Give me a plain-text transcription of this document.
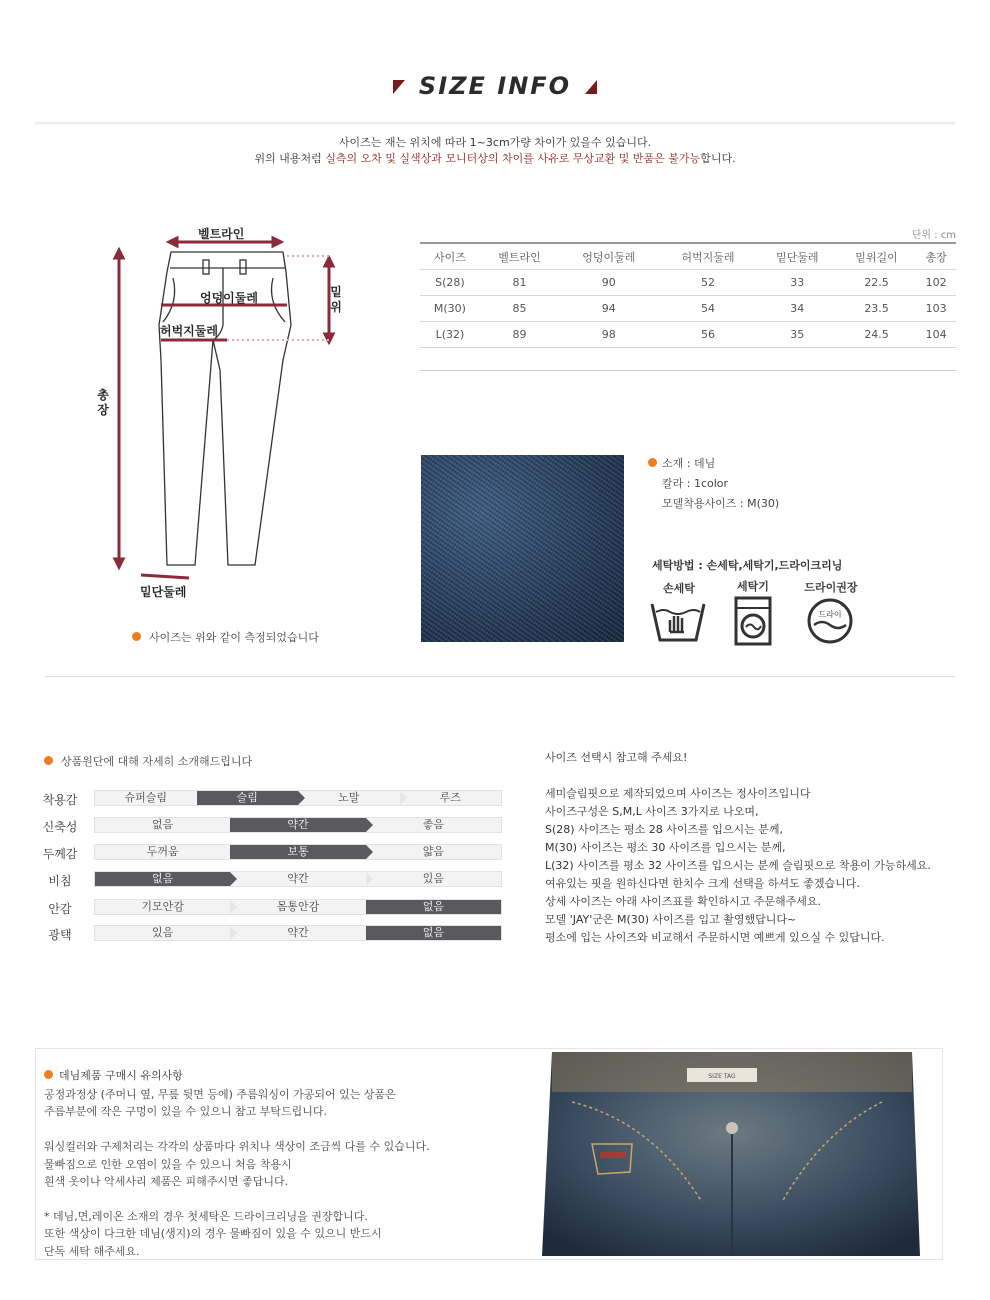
SIZE INFO
사이즈는 재는 위치에 따라 1~3cm가량 차이가 있을수 있습니다.
위의 내용처럼 실측의 오차 및 실색상과 모니터상의 차이를 사유로 무상교환 및 반품은 불가능합니다.
벨트라인
엉덩이둘레
허벅지둘레
밑위
총장
밑단둘레
사이즈는 위와 같이 측정되었습니다
단위 : cm
사이즈	벨트라인	엉덩이둘레	허벅지둘레	밑단둘레	밑위길이	총장
S(28)	81	90	52	33	22.5	102
M(30)	85	94	54	34	23.5	103
L(32)	89	98	56	35	24.5	104
소재 : 데님
칼라 : 1color
모델착용사이즈 : M(30)
세탁방법 : 손세탁,세탁기,드라이크리닝
손세탁	세탁기	드라이권장
드라이
상품원단에 대해 자세히 소개해드립니다
착용감	슈퍼슬림	슬림	노말	루즈
신축성	없음	약간	좋음
두께감	두꺼움	보통	얇음
비침	없음	약간	있음
안감	기모안감	몸통안감	없음
광택	있음	약간	없음
사이즈 선택시 참고해 주세요!
세미슬림핏으로 제작되었으며 사이즈는 정사이즈입니다
사이즈구성은 S,M,L 사이즈 3가지로 나오며,
S(28) 사이즈는 평소 28 사이즈를 입으시는 분께,
M(30) 사이즈는 평소 30 사이즈를 입으시는 분께,
L(32) 사이즈를 평소 32 사이즈를 입으시는 분께 슬림핏으로 착용이 가능하세요.
여유있는 핏을 원하신다면 한치수 크게 선택을 하셔도 좋겠습니다.
상세 사이즈는 아래 사이즈표를 확인하시고 주문해주세요.
모델 'JAY'군은 M(30) 사이즈를 입고 촬영했답니다~
평소에 입는 사이즈와 비교해서 주문하시면 예쁘게 있으실 수 있답니다.
데님제품 구매시 유의사항
공정과정상 (주머니 옆, 무릎 뒷면 등에) 주름워싱이 가공되어 있는 상품은
주름부분에 작은 구멍이 있을 수 있으니 참고 부탁드립니다.
워싱컬러와 구제처리는 각각의 상품마다 위치나 색상이 조금씩 다를 수 있습니다.
물빠짐으로 인한 오염이 있을 수 있으니 처음 착용시
흰색 옷이나 악세사리 제품은 피해주시면 좋답니다.
* 데님,면,레이온 소재의 경우 첫세탁은 드라이크리닝을 권장합니다.
또한 색상이 다크한 데님(생지)의 경우 물빠짐이 있을 수 있으니 반드시
단독 세탁 해주세요.
SIZE TAG
